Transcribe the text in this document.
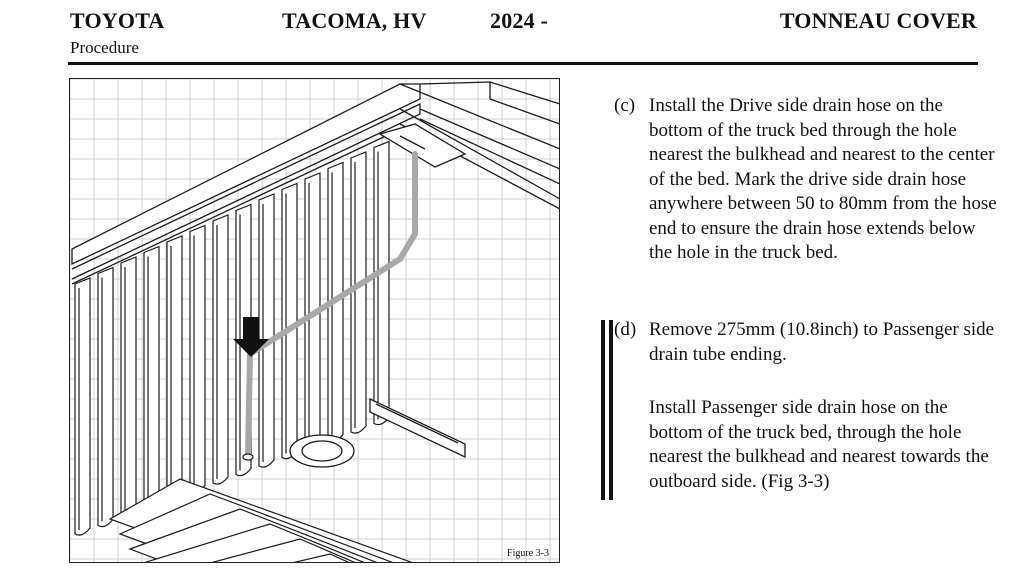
TOYOTA	TACOMA, HV	2024 -	TONNEAU COVER
Procedure
Figure 3-3
(c) Install the Drive side drain hose on the bottom of the truck bed through the hole nearest the bulkhead and nearest to the center of the bed. Mark the drive side drain hose anywhere between 50 to 80mm from the hose end to ensure the drain hose extends below the hole in the truck bed.
(d) Remove 275mm (10.8inch) to Passenger side drain tube ending.
Install Passenger side drain hose on the bottom of the truck bed, through the hole nearest the bulkhead and nearest towards the outboard side. (Fig 3-3)
